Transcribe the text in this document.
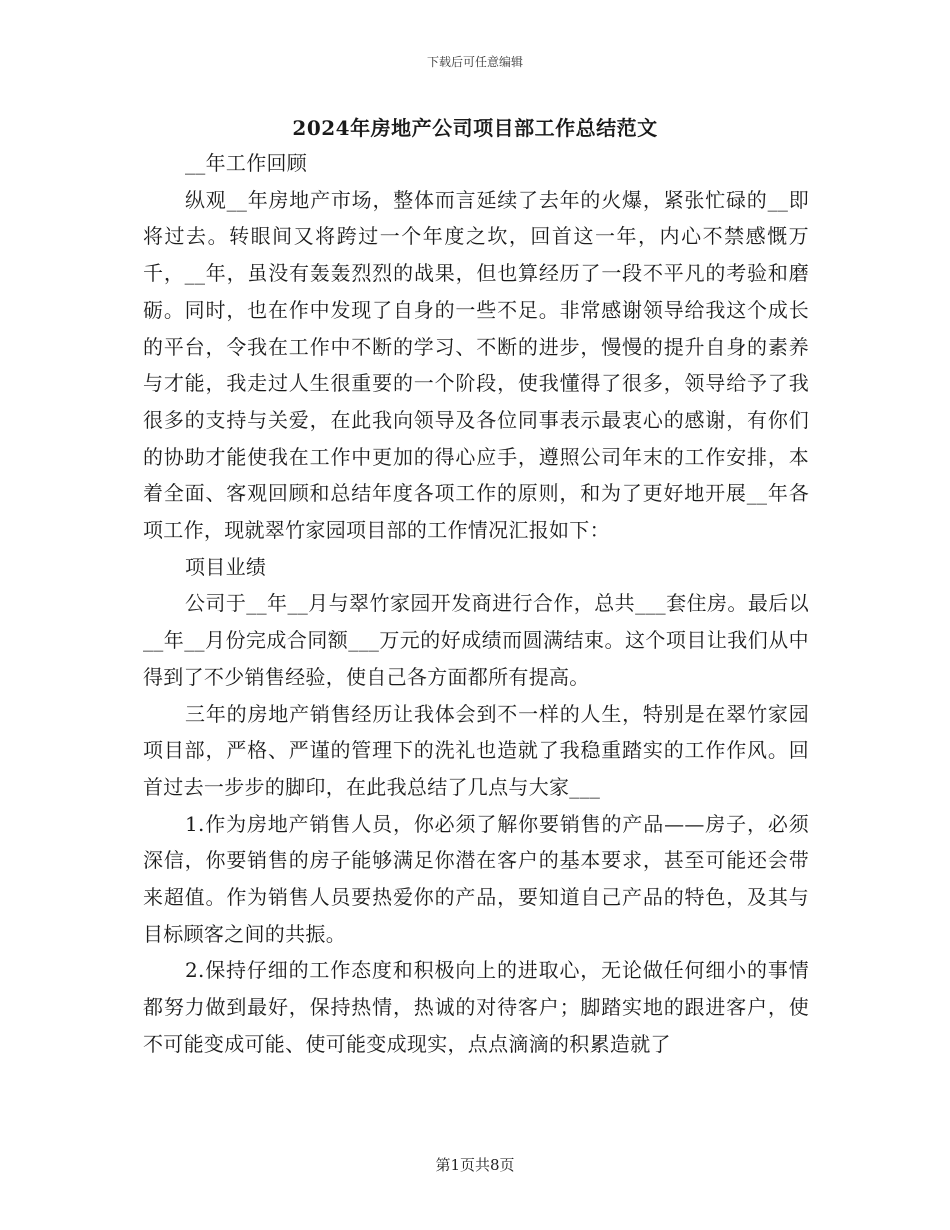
下载后可任意编辑
2024年房地产公司项目部工作总结范文

__年工作回顾

纵观__年房地产市场，整体而言延续了去年的火爆，紧张忙碌的__即将过去。转眼间又将跨过一个年度之坎，回首这一年，内心不禁感慨万千，__年，虽没有轰轰烈烈的战果，但也算经历了一段不平凡的考验和磨砺。同时，也在作中发现了自身的一些不足。非常感谢领导给我这个成长的平台，令我在工作中不断的学习、不断的进步，慢慢的提升自身的素养与才能，我走过人生很重要的一个阶段，使我懂得了很多，领导给予了我很多的支持与关爱，在此我向领导及各位同事表示最衷心的感谢，有你们的协助才能使我在工作中更加的得心应手，遵照公司年末的工作安排，本着全面、客观回顾和总结年度各项工作的原则，和为了更好地开展__年各项工作，现就翠竹家园项目部的工作情况汇报如下：

项目业绩

公司于__年__月与翠竹家园开发商进行合作，总共___套住房。最后以__年__月份完成合同额___万元的好成绩而圆满结束。这个项目让我们从中得到了不少销售经验，使自己各方面都所有提高。

三年的房地产销售经历让我体会到不一样的人生，特别是在翠竹家园项目部，严格、严谨的管理下的洗礼也造就了我稳重踏实的工作作风。回首过去一步步的脚印，在此我总结了几点与大家___

1.作为房地产销售人员，你必须了解你要销售的产品——房子，必须深信，你要销售的房子能够满足你潜在客户的基本要求，甚至可能还会带来超值。作为销售人员要热爱你的产品，要知道自己产品的特色，及其与目标顾客之间的共振。

2.保持仔细的工作态度和积极向上的进取心，无论做任何细小的事情都努力做到最好，保持热情，热诚的对待客户；脚踏实地的跟进客户，使不可能变成可能、使可能变成现实，点点滴滴的积累造就了

第1页共8页
